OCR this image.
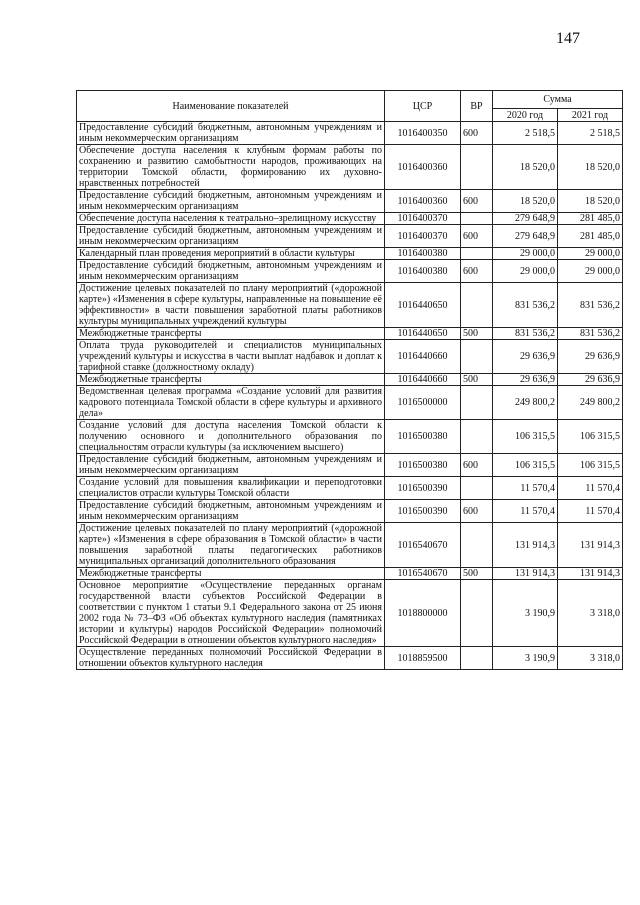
147
Наименование показателей	ЦСР	ВР	Сумма	
			2020 год	2021 год
Предоставление субсидий бюджетным, автономным учреждениям и иным некоммерческим организациям	1016400350	600	2 518,5	2 518,5
Обеспечение доступа населения к клубным формам работы по сохранению и развитию самобытности народов, проживающих на территории Томской области, формированию их духовно-нравственных потребностей	1016400360		18 520,0	18 520,0
Предоставление субсидий бюджетным, автономным учреждениям и иным некоммерческим организациям	1016400360	600	18 520,0	18 520,0
Обеспечение доступа населения к театрально–зрелищному искусству	1016400370		279 648,9	281 485,0
Предоставление субсидий бюджетным, автономным учреждениям и иным некоммерческим организациям	1016400370	600	279 648,9	281 485,0
Календарный план проведения мероприятий в области культуры	1016400380		29 000,0	29 000,0
Предоставление субсидий бюджетным, автономным учреждениям и иным некоммерческим организациям	1016400380	600	29 000,0	29 000,0
Достижение целевых показателей по плану мероприятий («дорожной карте») «Изменения в сфере культуры, направленные на повышение её эффективности» в части повышения заработной платы работников культуры муниципальных учреждений культуры	1016440650		831 536,2	831 536,2
Межбюджетные трансферты	1016440650	500	831 536,2	831 536,2
Оплата труда руководителей и специалистов муниципальных учреждений культуры и искусства в части выплат надбавок и доплат к тарифной ставке (должностному окладу)	1016440660		29 636,9	29 636,9
Межбюджетные трансферты	1016440660	500	29 636,9	29 636,9
Ведомственная целевая программа «Создание условий для развития кадрового потенциала Томской области в сфере культуры и архивного дела»	1016500000		249 800,2	249 800,2
Создание условий для доступа населения Томской области к получению основного и дополнительного образования по специальностям отрасли культуры (за исключением высшего)	1016500380		106 315,5	106 315,5
Предоставление субсидий бюджетным, автономным учреждениям и иным некоммерческим организациям	1016500380	600	106 315,5	106 315,5
Создание условий для повышения квалификации и переподготовки специалистов отрасли культуры Томской области	1016500390		11 570,4	11 570,4
Предоставление субсидий бюджетным, автономным учреждениям и иным некоммерческим организациям	1016500390	600	11 570,4	11 570,4
Достижение целевых показателей по плану мероприятий («дорожной карте») «Изменения в сфере образования в Томской области» в части повышения заработной платы педагогических работников муниципальных организаций дополнительного образования	1016540670		131 914,3	131 914,3
Межбюджетные трансферты	1016540670	500	131 914,3	131 914,3
Основное мероприятие «Осуществление переданных органам государственной власти субъектов Российской Федерации в соответствии с пунктом 1 статьи 9.1 Федерального закона от 25 июня 2002 года № 73–ФЗ «Об объектах культурного наследия (памятниках истории и культуры) народов Российской Федерации» полномочий Российской Федерации в отношении объектов культурного наследия»	1018800000		3 190,9	3 318,0
Осуществление переданных полномочий Российской Федерации в отношении объектов культурного наследия	1018859500		3 190,9	3 318,0
